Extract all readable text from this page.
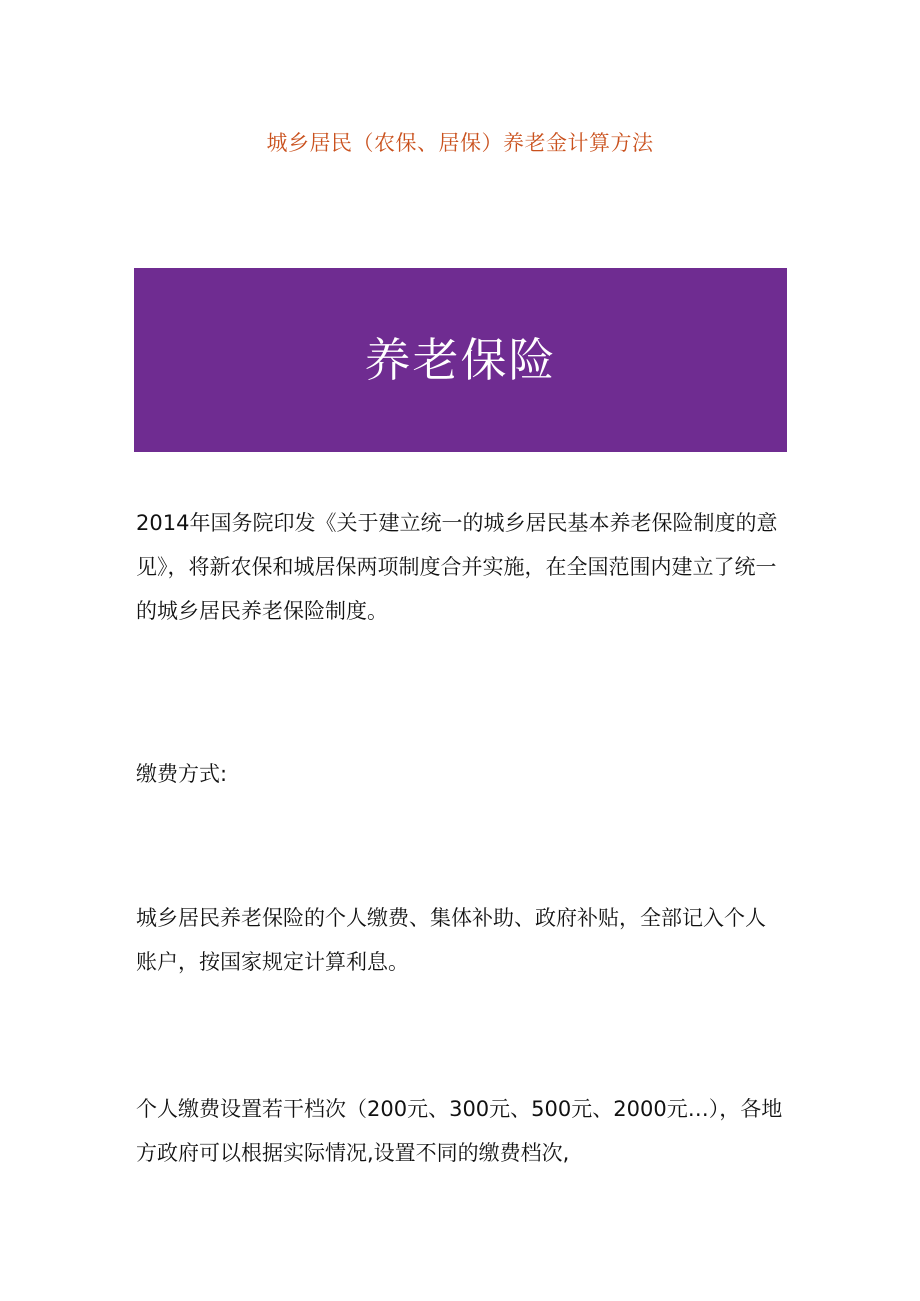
城乡居民（农保、居保）养老金计算方法
养老保险

2014年国务院印发《关于建立统一的城乡居民基本养老保险制度的意见》，将新农保和城居保两项制度合并实施，在全国范围内建立了统一的城乡居民养老保险制度。

缴费方式:

城乡居民养老保险的个人缴费、集体补助、政府补贴，全部记入个人账户，按国家规定计算利息。

个人缴费设置若干档次（200元、300元、500元、2000元…），各地方政府可以根据实际情况,设置不同的缴费档次,
